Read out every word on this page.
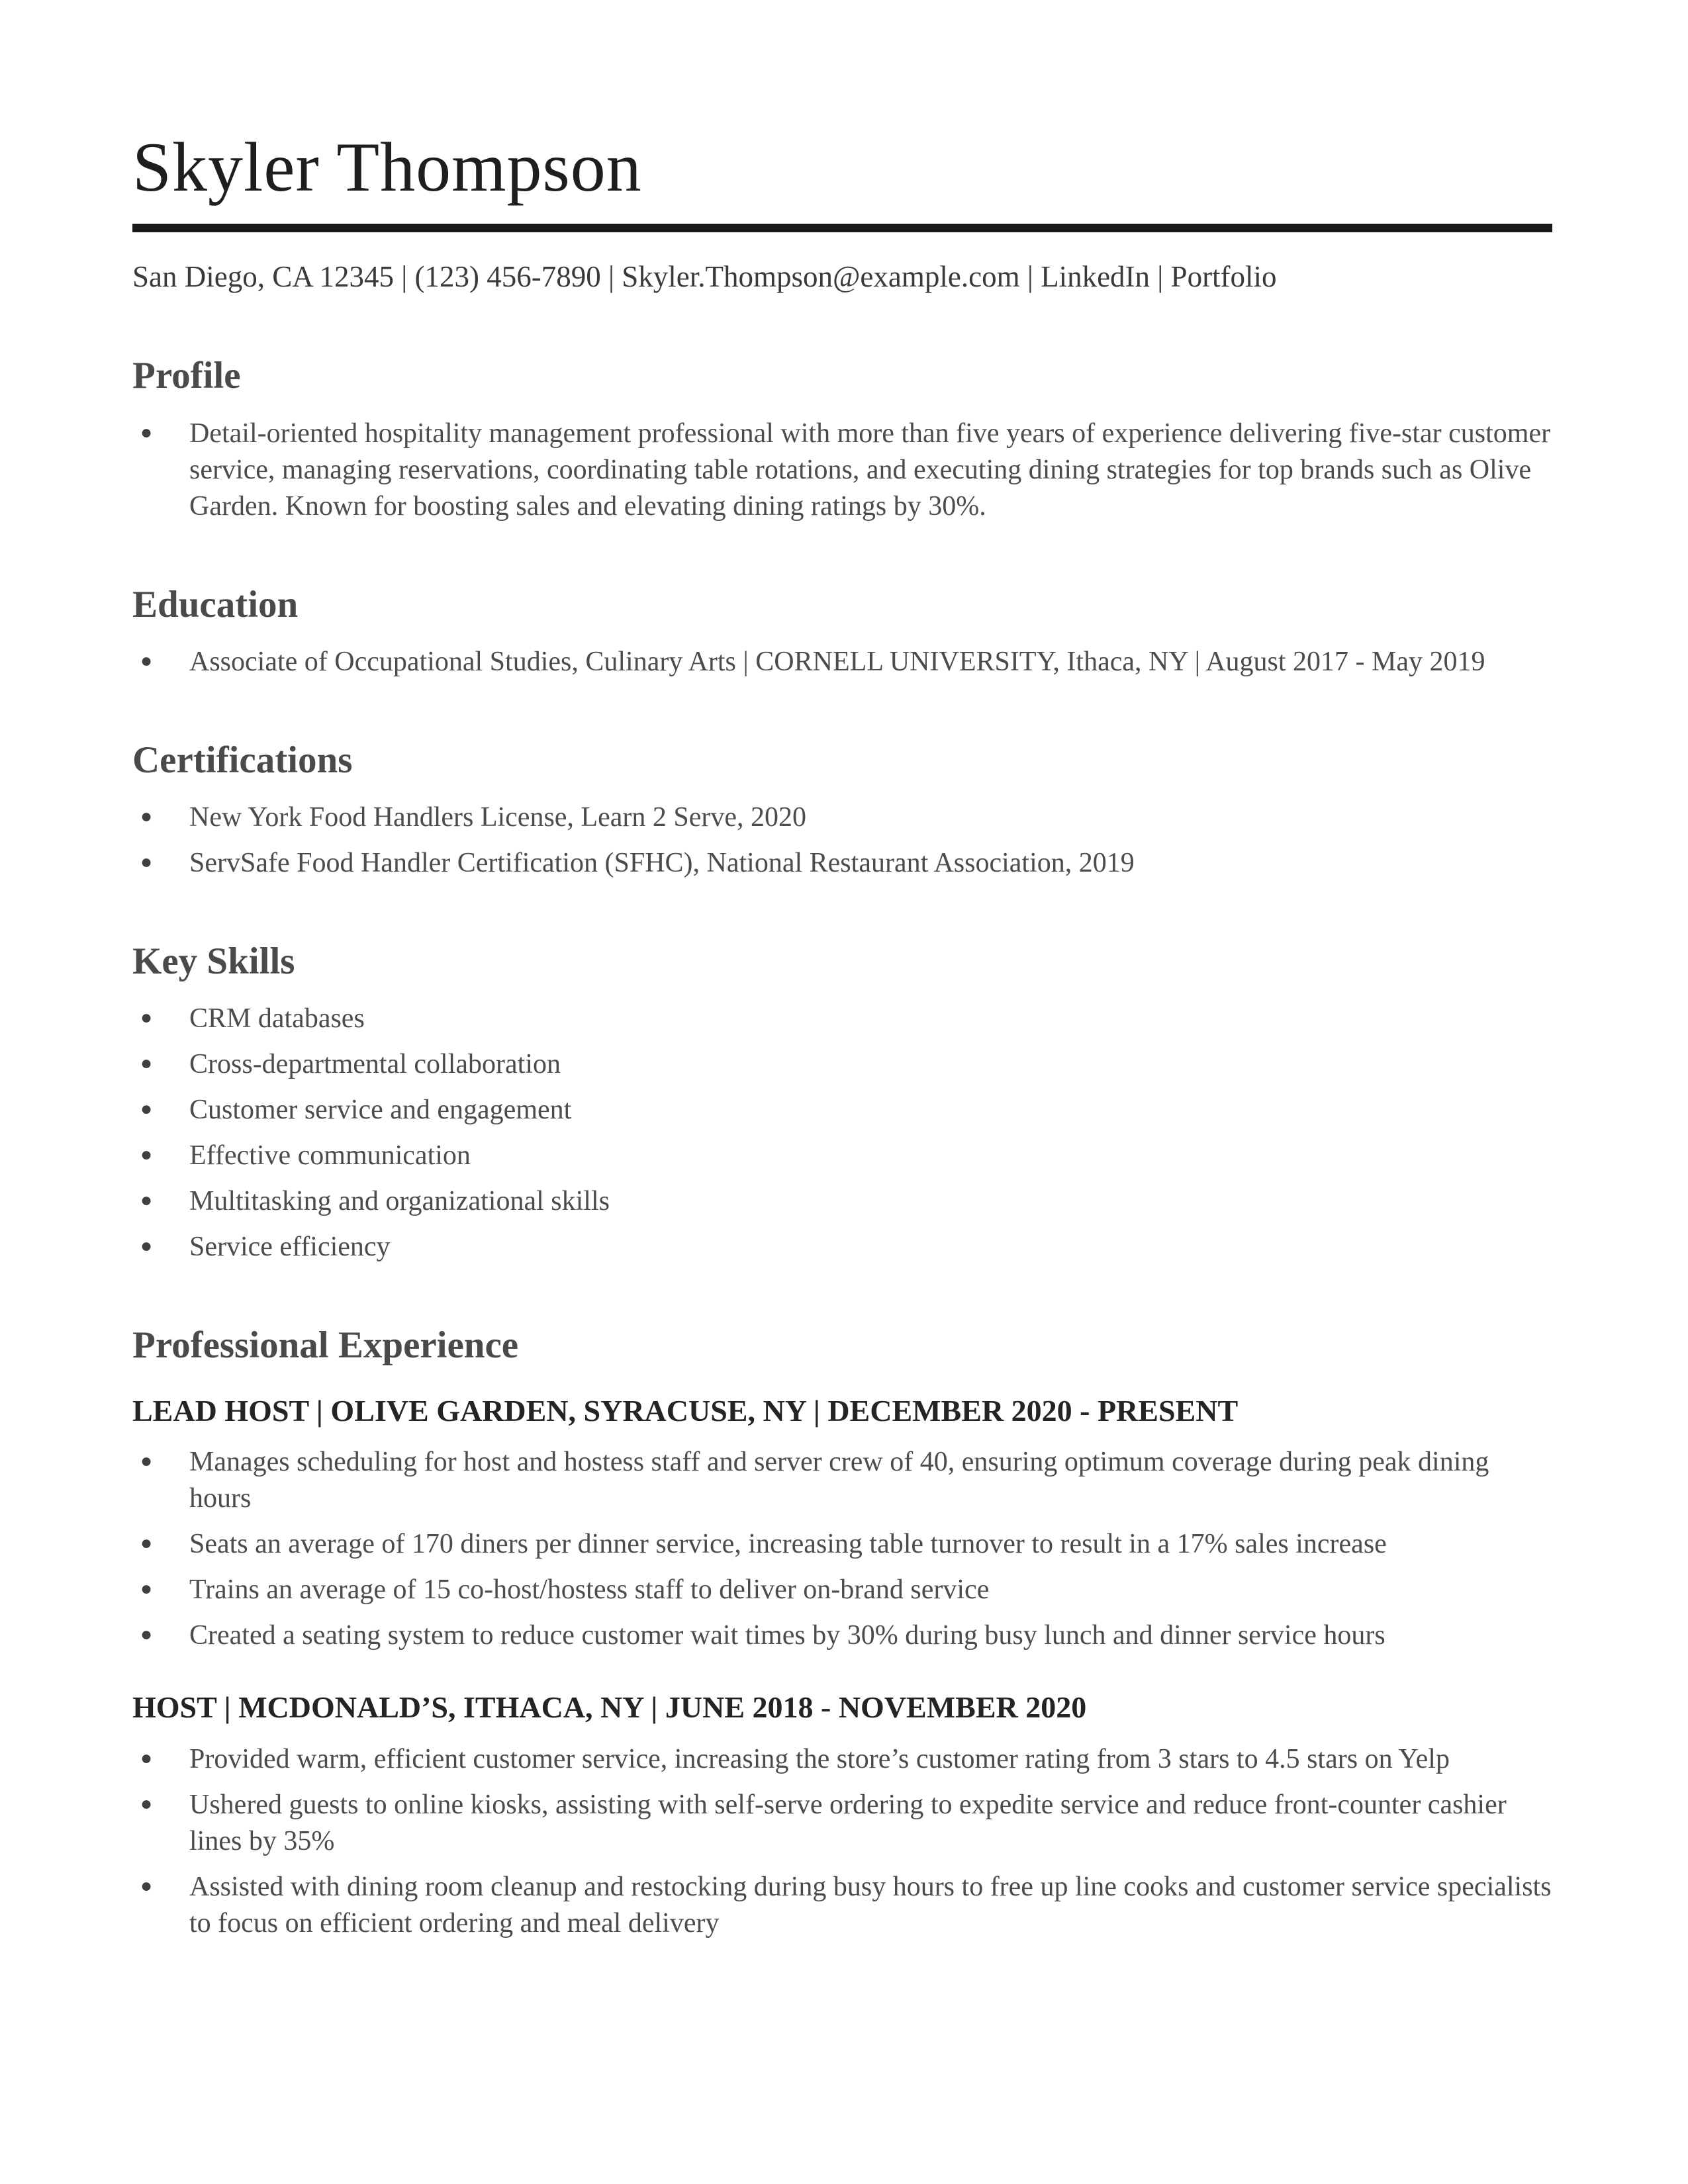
Skyler Thompson

San Diego, CA 12345 | (123) 456-7890 | Skyler.Thompson@example.com | LinkedIn | Portfolio

Profile
● Detail-oriented hospitality management professional with more than five years of experience delivering five-star customer service, managing reservations, coordinating table rotations, and executing dining strategies for top brands such as Olive Garden. Known for boosting sales and elevating dining ratings by 30%.
Education
● Associate of Occupational Studies, Culinary Arts | CORNELL UNIVERSITY, Ithaca, NY | August 2017 - May 2019
Certifications
● New York Food Handlers License, Learn 2 Serve, 2020
● ServSafe Food Handler Certification (SFHC), National Restaurant Association, 2019
Key Skills
● CRM databases
● Cross-departmental collaboration
● Customer service and engagement
● Effective communication
● Multitasking and organizational skills
● Service efficiency
Professional Experience
LEAD HOST | OLIVE GARDEN, SYRACUSE, NY | DECEMBER 2020 - PRESENT
● Manages scheduling for host and hostess staff and server crew of 40, ensuring optimum coverage during peak dining hours
● Seats an average of 170 diners per dinner service, increasing table turnover to result in a 17% sales increase
● Trains an average of 15 co-host/hostess staff to deliver on-brand service
● Created a seating system to reduce customer wait times by 30% during busy lunch and dinner service hours
HOST | MCDONALD’S, ITHACA, NY | JUNE 2018 - NOVEMBER 2020
● Provided warm, efficient customer service, increasing the store’s customer rating from 3 stars to 4.5 stars on Yelp
● Ushered guests to online kiosks, assisting with self-serve ordering to expedite service and reduce front-counter cashier lines by 35%
● Assisted with dining room cleanup and restocking during busy hours to free up line cooks and customer service specialists to focus on efficient ordering and meal delivery
